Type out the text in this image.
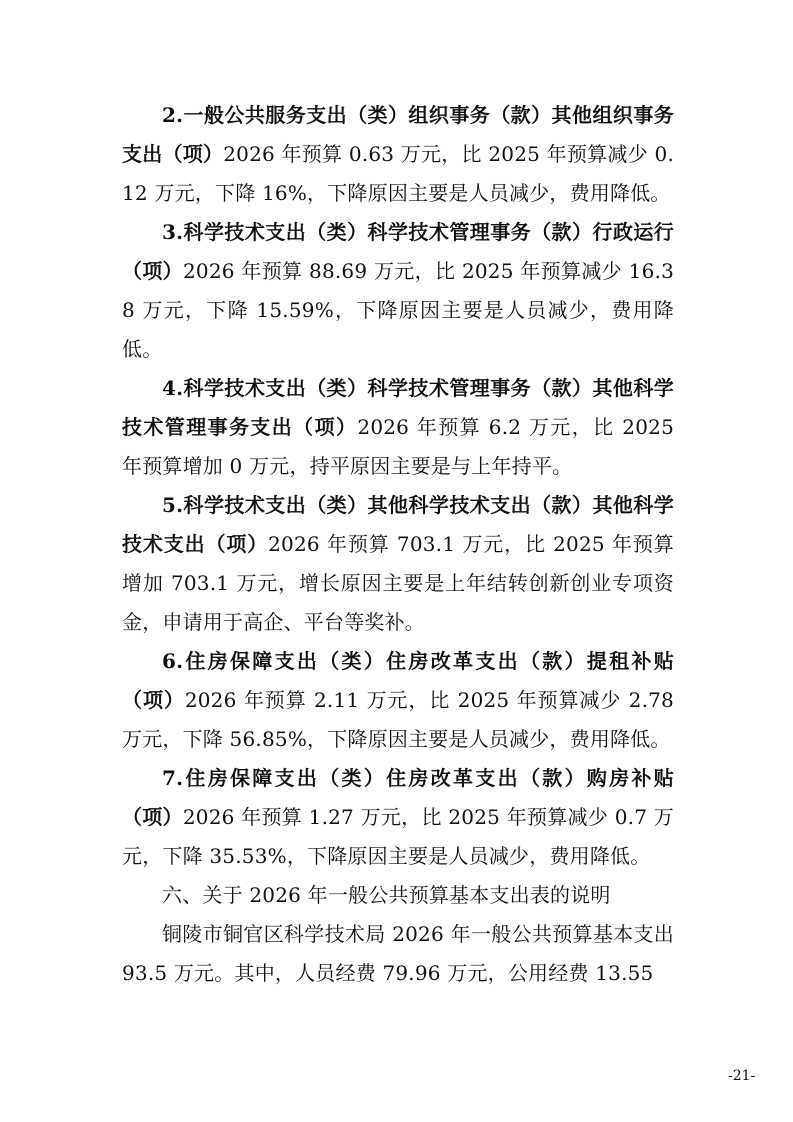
2.一般公共服务支出（类）组织事务（款）其他组织事务支出（项）2026 年预算 0.63 万元，比 2025 年预算减少 0.12 万元，下降 16%，下降原因主要是人员减少，费用降低。

3.科学技术支出（类）科学技术管理事务（款）行政运行（项）2026 年预算 88.69 万元，比 2025 年预算减少 16.38 万元，下降 15.59%，下降原因主要是人员减少，费用降低。

4.科学技术支出（类）科学技术管理事务（款）其他科学技术管理事务支出（项）2026 年预算 6.2 万元，比 2025 年预算增加 0 万元，持平原因主要是与上年持平。

5.科学技术支出（类）其他科学技术支出（款）其他科学技术支出（项）2026 年预算 703.1 万元，比 2025 年预算增加 703.1 万元，增长原因主要是上年结转创新创业专项资金，申请用于高企、平台等奖补。

6.住房保障支出（类）住房改革支出（款）提租补贴（项）2026 年预算 2.11 万元，比 2025 年预算减少 2.78 万元，下降 56.85%，下降原因主要是人员减少，费用降低。

7.住房保障支出（类）住房改革支出（款）购房补贴（项）2026 年预算 1.27 万元，比 2025 年预算减少 0.7 万元，下降 35.53%，下降原因主要是人员减少，费用降低。

六、关于 2026 年一般公共预算基本支出表的说明

铜陵市铜官区科学技术局 2026 年一般公共预算基本支出 93.5 万元。其中，人员经费 79.96 万元，公用经费 13.55

-21-
